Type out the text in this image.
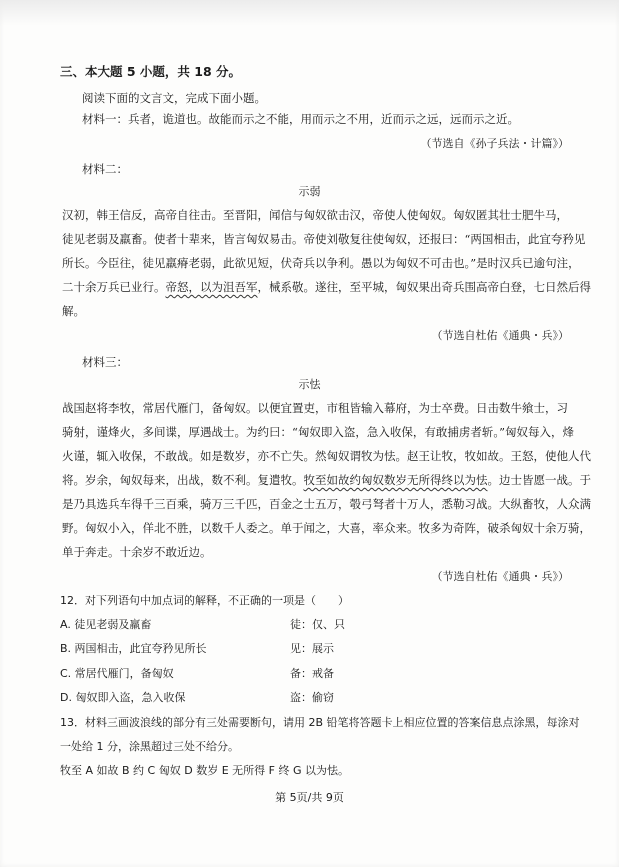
三、本大题 5 小题，共 18 分。
阅读下面的文言文，完成下面小题。
材料一：兵者，诡道也。故能而示之不能，用而示之不用，近而示之远，远而示之近。
（节选自《孙子兵法・计篇》）
材料二：
示弱
汉初，韩王信反，高帝自往击。至晋阳，闻信与匈奴欲击汉，帝使人使匈奴。匈奴匿其壮士肥牛马，
徒见老弱及羸畜。使者十辈来，皆言匈奴易击。帝使刘敬复往使匈奴，还报曰：“两国相击，此宜夸矜见
所长。今臣往，徒见羸瘠老弱，此欲见短，伏奇兵以争利。愚以为匈奴不可击也。”是时汉兵已逾句注，
二十余万兵已业行。帝怒，以为沮吾军，械系敬。遂往，至平城，匈奴果出奇兵围高帝白登，七日然后得
解。
（节选自杜佑《通典・兵》）
材料三：
示怯
战国赵将李牧，常居代雁门，备匈奴。以便宜置吏，市租皆输入幕府，为士卒费。日击数牛飨士，习
骑射，谨烽火，多间谍，厚遇战士。为约曰：“匈奴即入盗，急入收保，有敢捕虏者斩。”匈奴每入，烽
火谨，辄入收保，不敢战。如是数岁，亦不亡失。然匈奴谓牧为怯。赵王让牧，牧如故。王怒，使他人代
将。岁余，匈奴每来，出战，数不利。复遣牧。牧至如故约匈奴数岁无所得终以为怯。边士皆愿一战。于
是乃具选兵车得千三百乘，骑万三千匹，百金之士五万，彀弓弩者十万人，悉勒习战。大纵畜牧，人众满
野。匈奴小入，佯北不胜，以数千人委之。单于闻之，大喜，率众来。牧多为奇阵，破杀匈奴十余万骑，
单于奔走。十余岁不敢近边。
（节选自杜佑《通典・兵》）
12．对下列语句中加点词的解释，不正确的一项是（　　）
A. 徒见老弱及羸畜	徒：仅、只
B. 两国相击，此宜夸矜见所长	见：展示
C. 常居代雁门，备匈奴	备：戒备
D. 匈奴即入盗，急入收保	盗：偷窃
13．材料三画波浪线的部分有三处需要断句，请用 2B 铅笔将答题卡上相应位置的答案信息点涂黑，每涂对
一处给 1 分，涂黑超过三处不给分。
牧至 A 如故 B 约 C 匈奴 D 数岁 E 无所得 F 终 G 以为怯。
第 5页/共 9页
